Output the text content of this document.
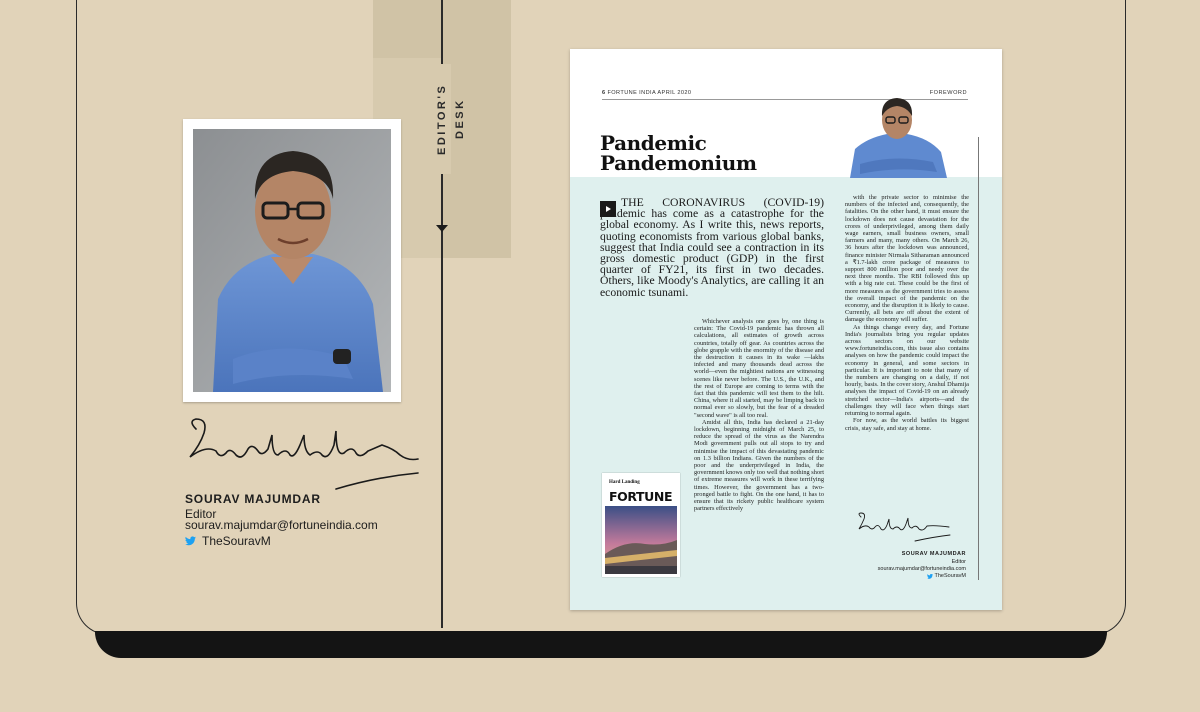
EDITOR'S DESK
SOURAV MAJUMDAR
Editor
sourav.majumdar@fortuneindia.com
TheSouravM
6 FORTUNE INDIA APRIL 2020	FOREWORD
Pandemic
Pandemonium

THE CORONAVIRUS (COVID-19) pandemic has come as a catastrophe for the global economy. As I write this, news reports, quoting economists from various global banks, suggest that India could see a contraction in its gross domestic product (GDP) in the first quarter of FY21, its first in two decades. Others, like Moody's Analytics, are calling it an economic tsunami.

Whichever analysis one goes by, one thing is certain: The Covid-19 pandemic has thrown all calculations, all estimates of growth across countries, totally off gear. As countries across the globe grapple with the enormity of the disease and the destruction it causes in its wake —lakhs infected and many thousands dead across the world—even the mightiest nations are witnessing scenes like never before. The U.S., the U.K., and the rest of Europe are coming to terms with the fact that this pandemic will test them to the hilt. China, where it all started, may be limping back to normal ever so slowly, but the fear of a dreaded "second wave" is all too real.

Amidst all this, India has declared a 21-day lockdown, beginning midnight of March 25, to reduce the spread of the virus as the Narendra Modi government pulls out all stops to try and minimise the impact of this devastating pandemic on 1.3 billion Indians. Given the numbers of the poor and the underprivileged in India, the government knows only too well that nothing short of extreme measures will work in these terrifying times. However, the government has a two-pronged battle to fight. On the one hand, it has to ensure that its rickety public healthcare system partners effectively

with the private sector to minimise the numbers of the infected and, consequently, the fatalities. On the other hand, it must ensure the lockdown does not cause devastation for the crores of underprivileged, among them daily wage earners, small business owners, small farmers and many, many others. On March 26, 36 hours after the lockdown was announced, finance minister Nirmala Sitharaman announced a ₹1.7-lakh crore package of measures to support 800 million poor and needy over the next three months. The RBI followed this up with a big rate cut. These could be the first of more measures as the government tries to assess the overall impact of the pandemic on the economy, and the disruption it is likely to cause. Currently, all bets are off about the extent of damage the economy will suffer.

As things change every day, and Fortune India's journalists bring you regular updates across sectors on our website www.fortuneindia.com, this issue also contains analyses on how the pandemic could impact the economy in general, and some sectors in particular. It is important to note that many of the numbers are changing on a daily, if not hourly, basis. In the cover story, Anshul Dhamija analyses the impact of Covid-19 on an already stretched sector—India's airports—and the challenges they will face when things start returning to normal again.

For now, as the world battles its biggest crisis, stay safe, and stay at home.

Hard Landing
FORTUNE
SOURAV MAJUMDAR
Editor
sourav.majumdar@fortuneindia.com
TheSouravM
